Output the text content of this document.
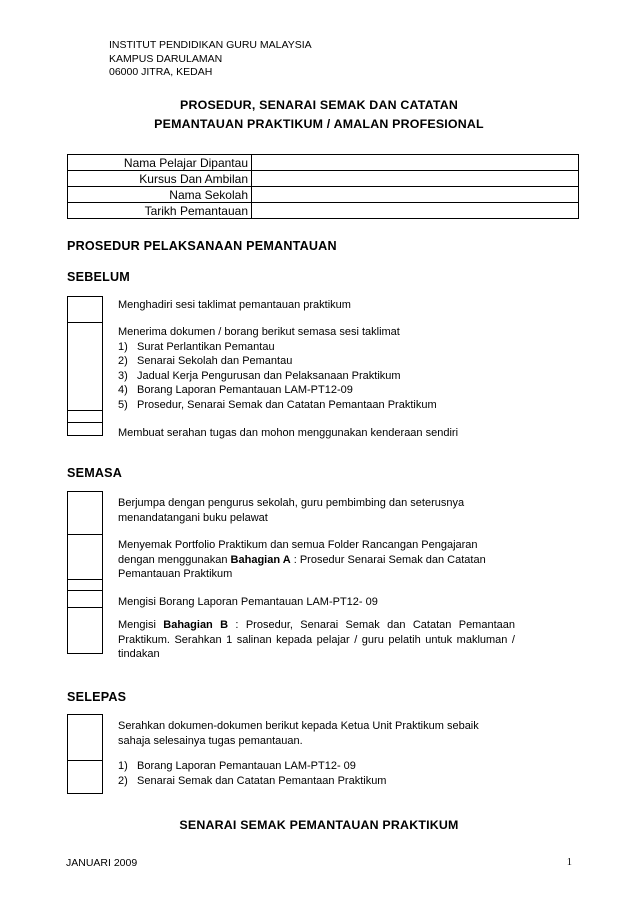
INSTITUT PENDIDIKAN GURU MALAYSIA
KAMPUS DARULAMAN
06000 JITRA, KEDAH
PROSEDUR, SENARAI SEMAK DAN CATATAN
PEMANTAUAN PRAKTIKUM / AMALAN PROFESIONAL
Nama Pelajar Dipantau	
Kursus Dan Ambilan	
Nama Sekolah	
Tarikh Pemantauan	
PROSEDUR PELAKSANAAN PEMANTAUAN
SEBELUM
Menghadiri sesi taklimat pemantauan praktikum
Menerima dokumen / borang berikut semasa sesi taklimat
1) Surat Perlantikan Pemantau
2) Senarai Sekolah dan Pemantau
3) Jadual Kerja Pengurusan dan Pelaksanaan Praktikum
4) Borang Laporan Pemantauan LAM-PT12-09
5) Prosedur, Senarai Semak dan Catatan Pemantaan Praktikum
Membuat serahan tugas dan mohon menggunakan kenderaan sendiri
SEMASA
Berjumpa dengan pengurus sekolah, guru pembimbing dan seterusnya
menandatangani buku pelawat
Menyemak Portfolio Praktikum dan semua Folder Rancangan Pengajaran
dengan menggunakan Bahagian A : Prosedur Senarai Semak dan Catatan
Pemantauan Praktikum
Mengisi Borang Laporan Pemantauan LAM-PT12- 09
Mengisi Bahagian B : Prosedur, Senarai Semak dan Catatan Pemantaan Praktikum. Serahkan 1 salinan kepada pelajar / guru pelatih untuk makluman / tindakan
SELEPAS
Serahkan dokumen-dokumen berikut kepada Ketua Unit Praktikum sebaik
sahaja selesainya tugas pemantauan.
1) Borang Laporan Pemantauan LAM-PT12- 09
2) Senarai Semak dan Catatan Pemantaan Praktikum
SENARAI SEMAK PEMANTAUAN PRAKTIKUM
JANUARI 2009	1
